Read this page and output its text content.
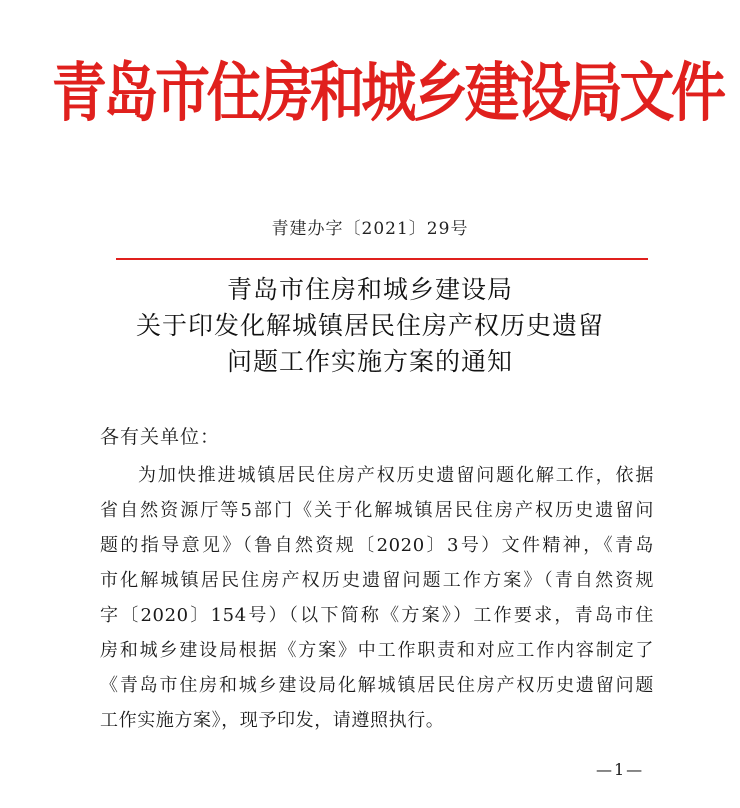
青岛市住房和城乡建设局文件
青建办字〔2021〕29号
青岛市住房和城乡建设局
关于印发化解城镇居民住房产权历史遗留
问题工作实施方案的通知
各有关单位：
为加快推进城镇居民住房产权历史遗留问题化解工作，依据
省自然资源厅等5部门《关于化解城镇居民住房产权历史遗留问
题的指导意见》（鲁自然资规〔2020〕3号）文件精神，《青岛
市化解城镇居民住房产权历史遗留问题工作方案》（青自然资规
字〔2020〕154号）（以下简称《方案》）工作要求，青岛市住
房和城乡建设局根据《方案》中工作职责和对应工作内容制定了
《青岛市住房和城乡建设局化解城镇居民住房产权历史遗留问题
工作实施方案》，现予印发，请遵照执行。
—1—
